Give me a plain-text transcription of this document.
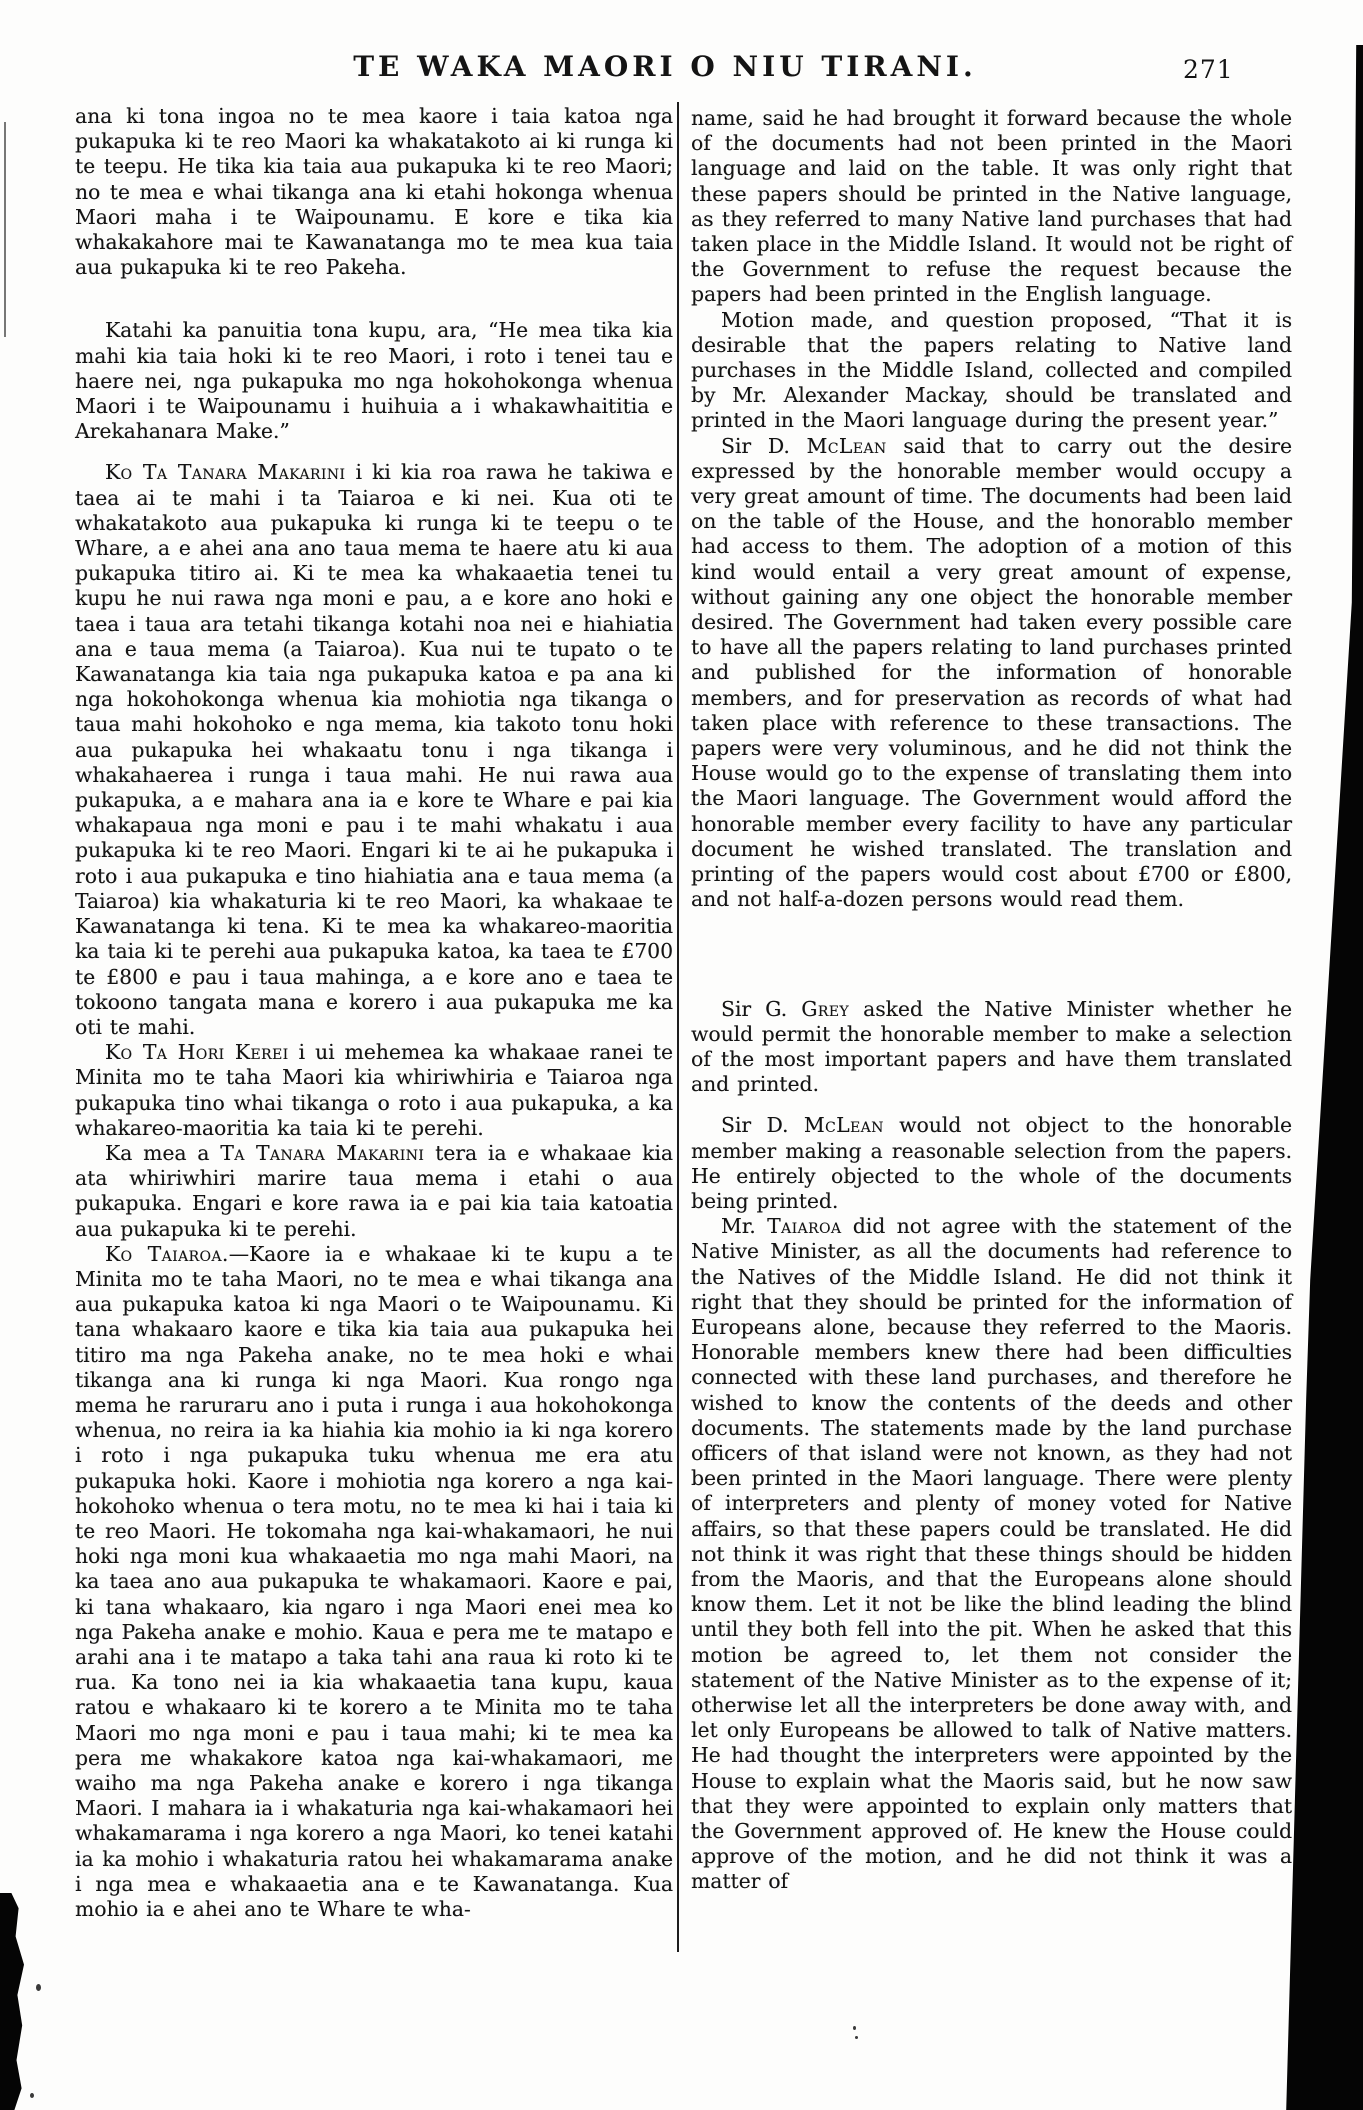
TE WAKA MAORI O NIU TIRANI.	271

ana ki tona ingoa no te mea kaore i taia katoa nga pukapuka ki te reo Maori ka whakatakoto ai ki runga ki te teepu. He tika kia taia aua pukapuka ki te reo Maori; no te mea e whai tikanga ana ki etahi hokonga whenua Maori maha i te Waipounamu. E kore e tika kia whakakahore mai te Kawanatanga mo te mea kua taia aua pukapuka ki te reo Pakeha.

Katahi ka panuitia tona kupu, ara, “He mea tika kia mahi kia taia hoki ki te reo Maori, i roto i tenei tau e haere nei, nga pukapuka mo nga hokohokonga whenua Maori i te Waipounamu i huihuia a i whakawhaititia e Arekahanara Make.”

Ko Ta Tanara Makarini i ki kia roa rawa he takiwa e taea ai te mahi i ta Taiaroa e ki nei. Kua oti te whakatakoto aua pukapuka ki runga ki te teepu o te Whare, a e ahei ana ano taua mema te haere atu ki aua pukapuka titiro ai. Ki te mea ka whakaaetia tenei tu kupu he nui rawa nga moni e pau, a e kore ano hoki e taea i taua ara tetahi tikanga kotahi noa nei e hiahiatia ana e taua mema (a Taiaroa). Kua nui te tupato o te Kawanatanga kia taia nga pukapuka katoa e pa ana ki nga hokohokonga whenua kia mohiotia nga tikanga o taua mahi hokohoko e nga mema, kia takoto tonu hoki aua pukapuka hei whakaatu tonu i nga tikanga i whakahaerea i runga i taua mahi. He nui rawa aua pukapuka, a e mahara ana ia e kore te Whare e pai kia whakapaua nga moni e pau i te mahi whakatu i aua pukapuka ki te reo Maori. Engari ki te ai he pukapuka i roto i aua pukapuka e tino hiahiatia ana e taua mema (a Taiaroa) kia whakaturia ki te reo Maori, ka whakaae te Kawanatanga ki tena. Ki te mea ka whakareo-maoritia ka taia ki te perehi aua pukapuka katoa, ka taea te £700 te £800 e pau i taua mahinga, a e kore ano e taea te tokoono tangata mana e korero i aua pukapuka me ka oti te mahi.

Ko Ta Hori Kerei i ui mehemea ka whakaae ranei te Minita mo te taha Maori kia whiriwhiria e Taiaroa nga pukapuka tino whai tikanga o roto i aua pukapuka, a ka whakareo-maoritia ka taia ki te perehi.

Ka mea a Ta Tanara Makarini tera ia e whakaae kia ata whiriwhiri marire taua mema i etahi o aua pukapuka. Engari e kore rawa ia e pai kia taia katoatia aua pukapuka ki te perehi.

Ko Taiaroa.—Kaore ia e whakaae ki te kupu a te Minita mo te taha Maori, no te mea e whai tikanga ana aua pukapuka katoa ki nga Maori o te Waipounamu. Ki tana whakaaro kaore e tika kia taia aua pukapuka hei titiro ma nga Pakeha anake, no te mea hoki e whai tikanga ana ki runga ki nga Maori. Kua rongo nga mema he raruraru ano i puta i runga i aua hokohokonga whenua, no reira ia ka hiahia kia mohio ia ki nga korero i roto i nga pukapuka tuku whenua me era atu pukapuka hoki. Kaore i mohiotia nga korero a nga kai-hokohoko whenua o tera motu, no te mea ki hai i taia ki te reo Maori. He tokomaha nga kai-whakamaori, he nui hoki nga moni kua whakaaetia mo nga mahi Maori, na ka taea ano aua pukapuka te whakamaori. Kaore e pai, ki tana whakaaro, kia ngaro i nga Maori enei mea ko nga Pakeha anake e mohio. Kaua e pera me te matapo e arahi ana i te matapo a taka tahi ana raua ki roto ki te rua. Ka tono nei ia kia whakaaetia tana kupu, kaua ratou e whakaaro ki te korero a te Minita mo te taha Maori mo nga moni e pau i taua mahi; ki te mea ka pera me whakakore katoa nga kai-whakamaori, me waiho ma nga Pakeha anake e korero i nga tikanga Maori. I mahara ia i whakaturia nga kai-whakamaori hei whakamarama i nga korero a nga Maori, ko tenei katahi ia ka mohio i whakaturia ratou hei whakamarama anake i nga mea e whakaaetia ana e te Kawanatanga. Kua mohio ia e ahei ano te Whare te wha-

name, said he had brought it forward because the whole of the documents had not been printed in the Maori language and laid on the table. It was only right that these papers should be printed in the Native language, as they referred to many Native land purchases that had taken place in the Middle Island. It would not be right of the Government to refuse the request because the papers had been printed in the English language.

Motion made, and question proposed, “That it is desirable that the papers relating to Native land purchases in the Middle Island, collected and compiled by Mr. Alexander Mackay, should be translated and printed in the Maori language during the present year.”

Sir D. McLean said that to carry out the desire expressed by the honorable member would occupy a very great amount of time. The documents had been laid on the table of the House, and the honorablo member had access to them. The adoption of a motion of this kind would entail a very great amount of expense, without gaining any one object the honorable member desired. The Government had taken every possible care to have all the papers relating to land purchases printed and published for the information of honorable members, and for preservation as records of what had taken place with reference to these transactions. The papers were very voluminous, and he did not think the House would go to the expense of translating them into the Maori language. The Government would afford the honorable member every facility to have any particular document he wished translated. The translation and printing of the papers would cost about £700 or £800, and not half-a-dozen persons would read them.

Sir G. Grey asked the Native Minister whether he would permit the honorable member to make a selection of the most important papers and have them translated and printed.

Sir D. McLean would not object to the honorable member making a reasonable selection from the papers. He entirely objected to the whole of the documents being printed.

Mr. Taiaroa did not agree with the statement of the Native Minister, as all the documents had reference to the Natives of the Middle Island. He did not think it right that they should be printed for the information of Europeans alone, because they referred to the Maoris. Honorable members knew there had been difficulties connected with these land purchases, and therefore he wished to know the contents of the deeds and other documents. The statements made by the land purchase officers of that island were not known, as they had not been printed in the Maori language. There were plenty of interpreters and plenty of money voted for Native affairs, so that these papers could be translated. He did not think it was right that these things should be hidden from the Maoris, and that the Europeans alone should know them. Let it not be like the blind leading the blind until they both fell into the pit. When he asked that this motion be agreed to, let them not consider the statement of the Native Minister as to the expense of it; otherwise let all the interpreters be done away with, and let only Europeans be allowed to talk of Native matters. He had thought the interpreters were appointed by the House to explain what the Maoris said, but he now saw that they were appointed to explain only matters that the Government approved of. He knew the House could approve of the motion, and he did not think it was a matter of
